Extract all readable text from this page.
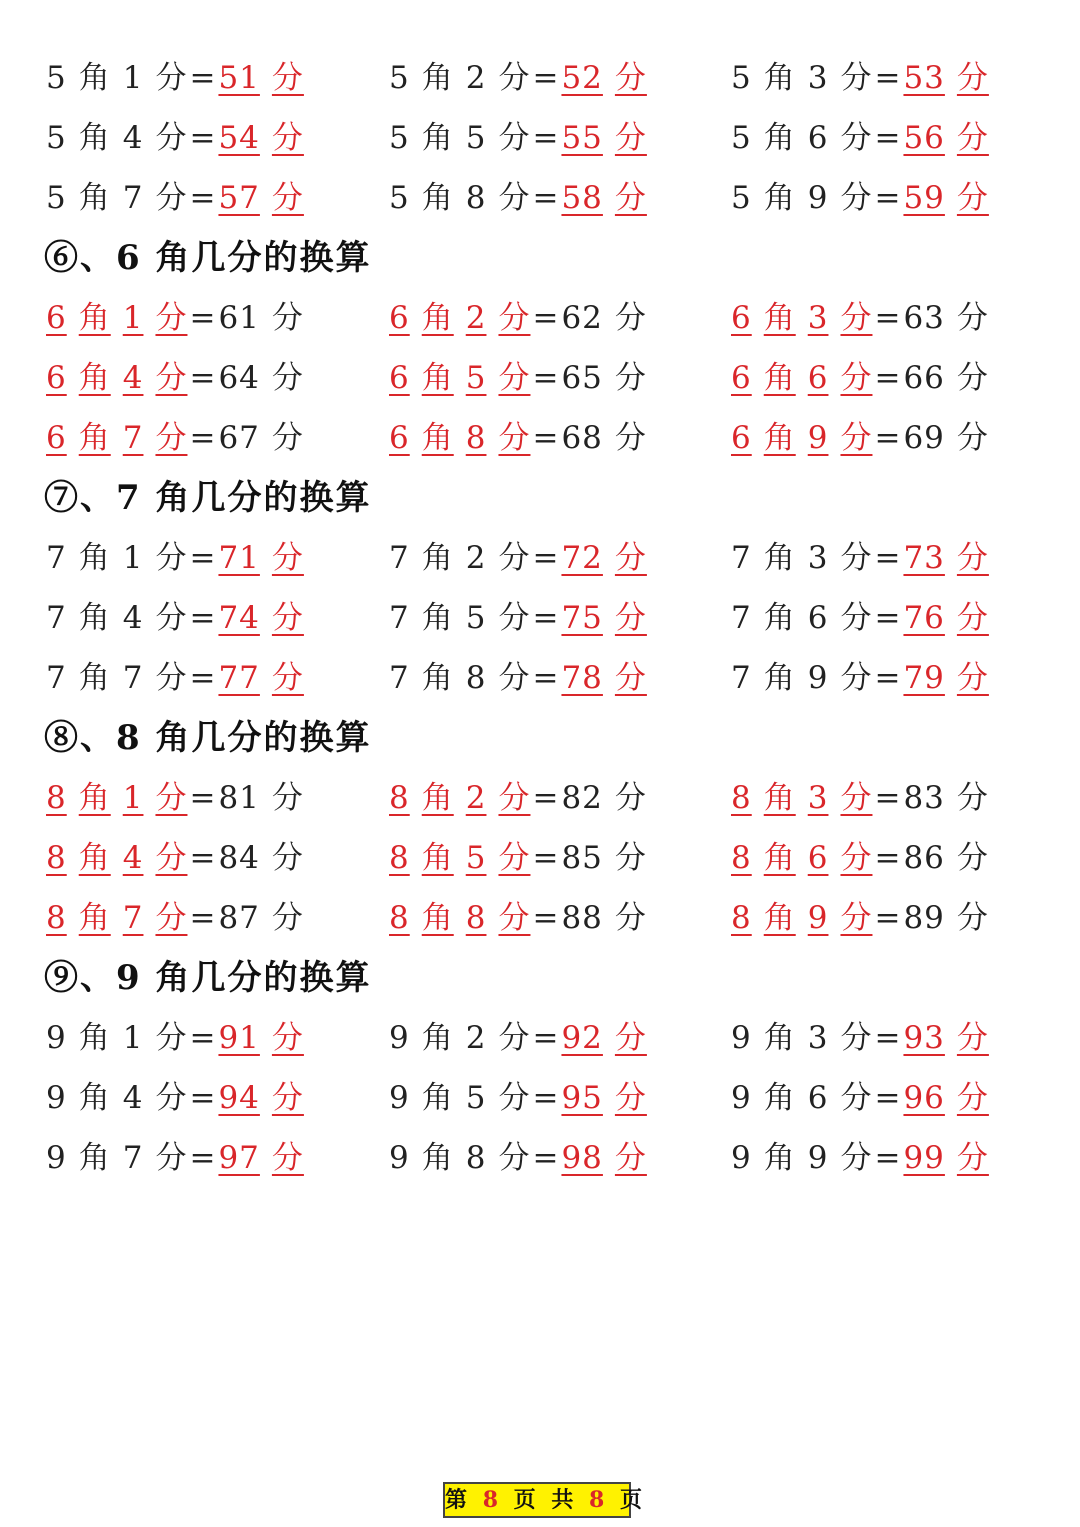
5 角 1 分=51 分	5 角 2 分=52 分	5 角 3 分=53 分
5 角 4 分=54 分	5 角 5 分=55 分	5 角 6 分=56 分
5 角 7 分=57 分	5 角 8 分=58 分	5 角 9 分=59 分
⑥、6 角几分的换算
6 角 1 分=61 分	6 角 2 分=62 分	6 角 3 分=63 分
6 角 4 分=64 分	6 角 5 分=65 分	6 角 6 分=66 分
6 角 7 分=67 分	6 角 8 分=68 分	6 角 9 分=69 分
⑦、7 角几分的换算
7 角 1 分=71 分	7 角 2 分=72 分	7 角 3 分=73 分
7 角 4 分=74 分	7 角 5 分=75 分	7 角 6 分=76 分
7 角 7 分=77 分	7 角 8 分=78 分	7 角 9 分=79 分
⑧、8 角几分的换算
8 角 1 分=81 分	8 角 2 分=82 分	8 角 3 分=83 分
8 角 4 分=84 分	8 角 5 分=85 分	8 角 6 分=86 分
8 角 7 分=87 分	8 角 8 分=88 分	8 角 9 分=89 分
⑨、9 角几分的换算
9 角 1 分=91 分	9 角 2 分=92 分	9 角 3 分=93 分
9 角 4 分=94 分	9 角 5 分=95 分	9 角 6 分=96 分
9 角 7 分=97 分	9 角 8 分=98 分	9 角 9 分=99 分
第 8 页 共 8 页
